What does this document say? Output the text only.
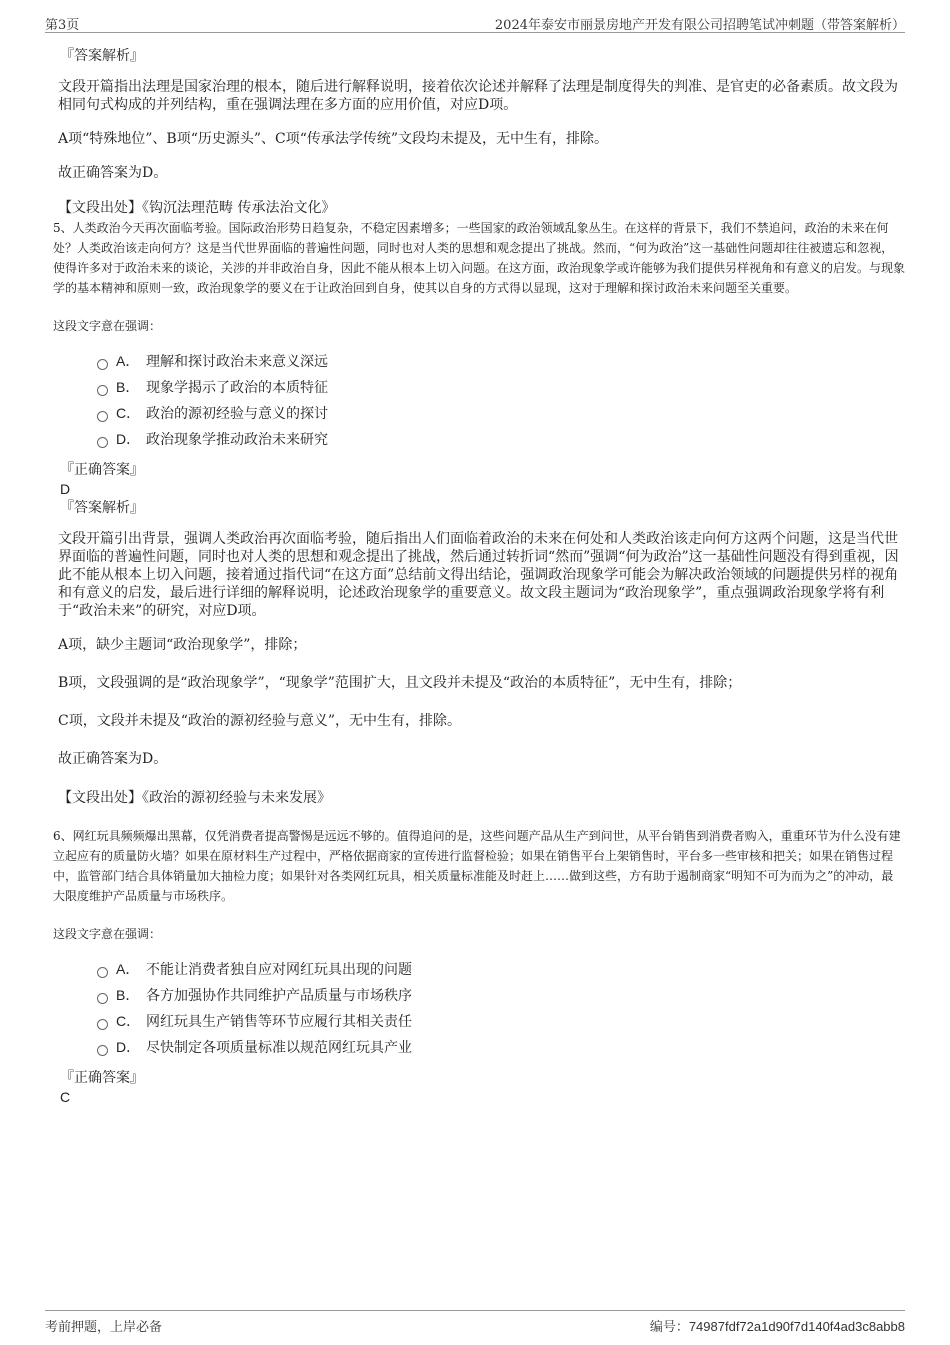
第3页	2024年泰安市丽景房地产开发有限公司招聘笔试冲刺题（带答案解析）
『答案解析』

文段开篇指出法理是国家治理的根本，随后进行解释说明，接着依次论述并解释了法理是制度得失的判准、是官吏的必备素质。故文段为相同句式构成的并列结构，重在强调法理在多方面的应用价值，对应D项。

A项“特殊地位”、B项“历史源头”、C项“传承法学传统”文段均未提及，无中生有，排除。

故正确答案为D。

【文段出处】《钩沉法理范畴 传承法治文化》

5、人类政治今天再次面临考验。国际政治形势日趋复杂，不稳定因素增多；一些国家的政治领域乱象丛生。在这样的背景下，我们不禁追问，政治的未来在何处？人类政治该走向何方？这是当代世界面临的普遍性问题，同时也对人类的思想和观念提出了挑战。然而，“何为政治”这一基础性问题却往往被遗忘和忽视，使得许多对于政治未来的谈论，关涉的并非政治自身，因此不能从根本上切入问题。在这方面，政治现象学或许能够为我们提供另样视角和有意义的启发。与现象学的基本精神和原则一致，政治现象学的要义在于让政治回到自身，使其以自身的方式得以显现，这对于理解和探讨政治未来问题至关重要。

这段文字意在强调：

A． 理解和探讨政治未来意义深远
B． 现象学揭示了政治的本质特征
C． 政治的源初经验与意义的探讨
D． 政治现象学推动政治未来研究
『正确答案』
D
『答案解析』

文段开篇引出背景，强调人类政治再次面临考验，随后指出人们面临着政治的未来在何处和人类政治该走向何方这两个问题，这是当代世界面临的普遍性问题，同时也对人类的思想和观念提出了挑战，然后通过转折词“然而”强调“何为政治”这一基础性问题没有得到重视，因此不能从根本上切入问题，接着通过指代词“在这方面”总结前文得出结论，强调政治现象学可能会为解决政治领域的问题提供另样的视角和有意义的启发，最后进行详细的解释说明，论述政治现象学的重要意义。故文段主题词为“政治现象学”，重点强调政治现象学将有利于“政治未来”的研究，对应D项。

A项，缺少主题词“政治现象学”，排除；

B项，文段强调的是“政治现象学”，“现象学”范围扩大，且文段并未提及“政治的本质特征”，无中生有，排除；

C项，文段并未提及“政治的源初经验与意义”，无中生有，排除。

故正确答案为D。

【文段出处】《政治的源初经验与未来发展》

6、网红玩具频频爆出黑幕，仅凭消费者提高警惕是远远不够的。值得追问的是，这些问题产品从生产到问世，从平台销售到消费者购入，重重环节为什么没有建立起应有的质量防火墙？如果在原材料生产过程中，严格依据商家的宣传进行监督检验；如果在销售平台上架销售时，平台多一些审核和把关；如果在销售过程中，监管部门结合具体销量加大抽检力度；如果针对各类网红玩具，相关质量标准能及时赶上……做到这些，方有助于遏制商家“明知不可为而为之”的冲动，最大限度维护产品质量与市场秩序。

这段文字意在强调：

A． 不能让消费者独自应对网红玩具出现的问题
B． 各方加强协作共同维护产品质量与市场秩序
C． 网红玩具生产销售等环节应履行其相关责任
D． 尽快制定各项质量标准以规范网红玩具产业
『正确答案』
C
考前押题，上岸必备	编号：74987fdf72a1d90f7d140f4ad3c8abb8
